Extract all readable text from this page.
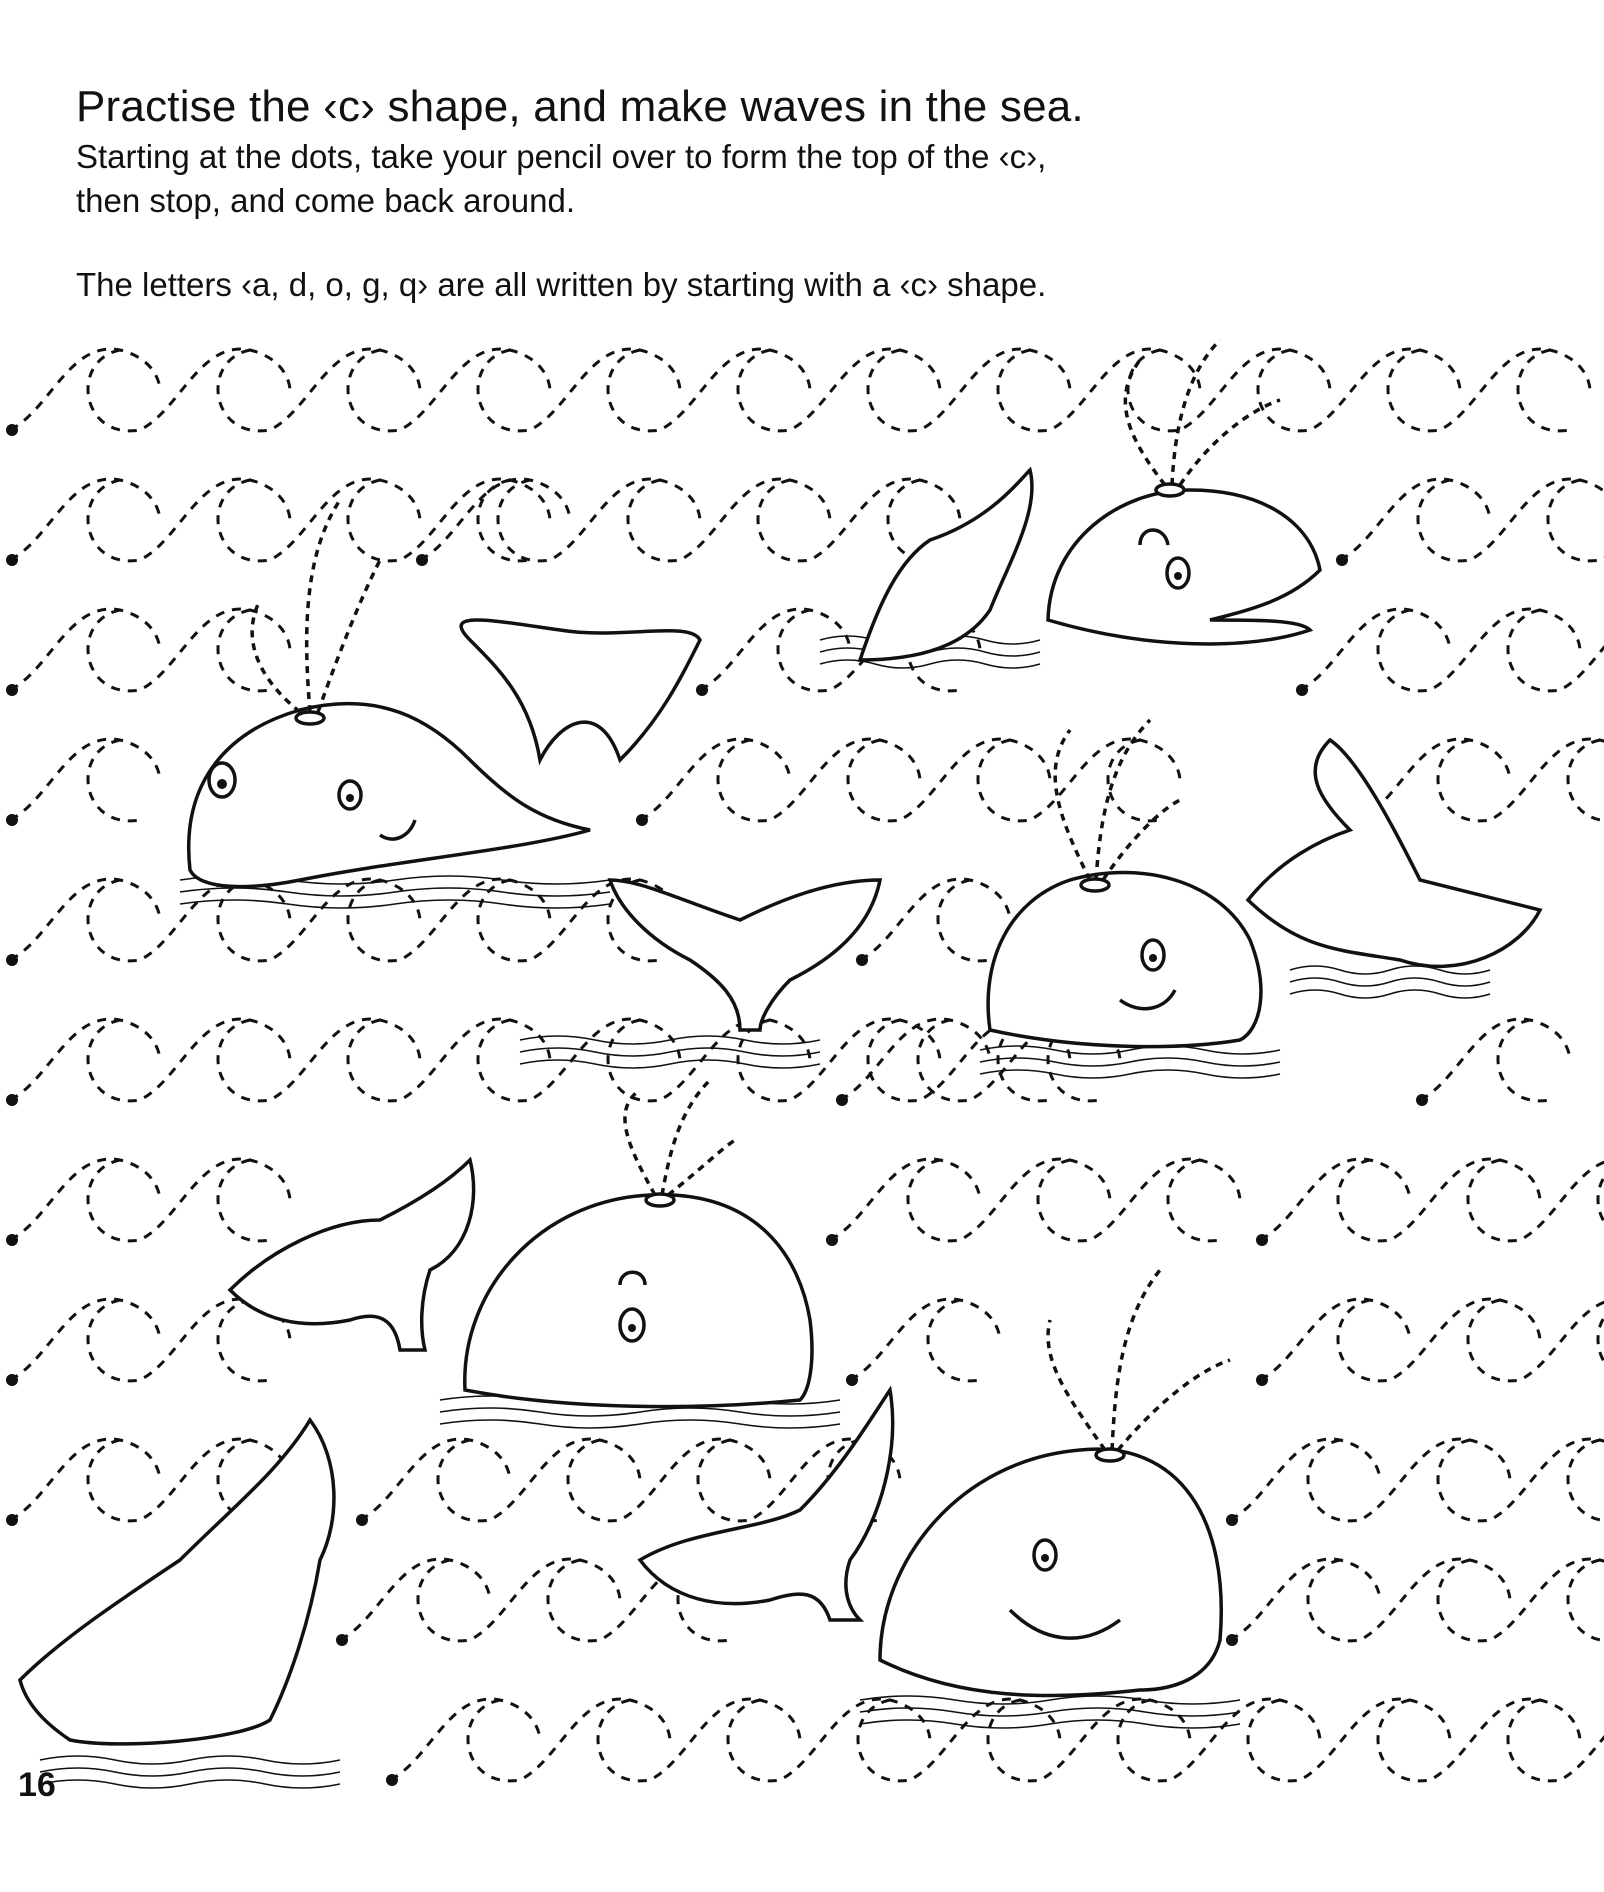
Practise the ‹c› shape, and make waves in the sea.
Starting at the dots, take your pencil over to form the top of the ‹c›,
then stop, and come back around.
The letters ‹a, d, o, g, q› are all written by starting with a ‹c› shape.
16
